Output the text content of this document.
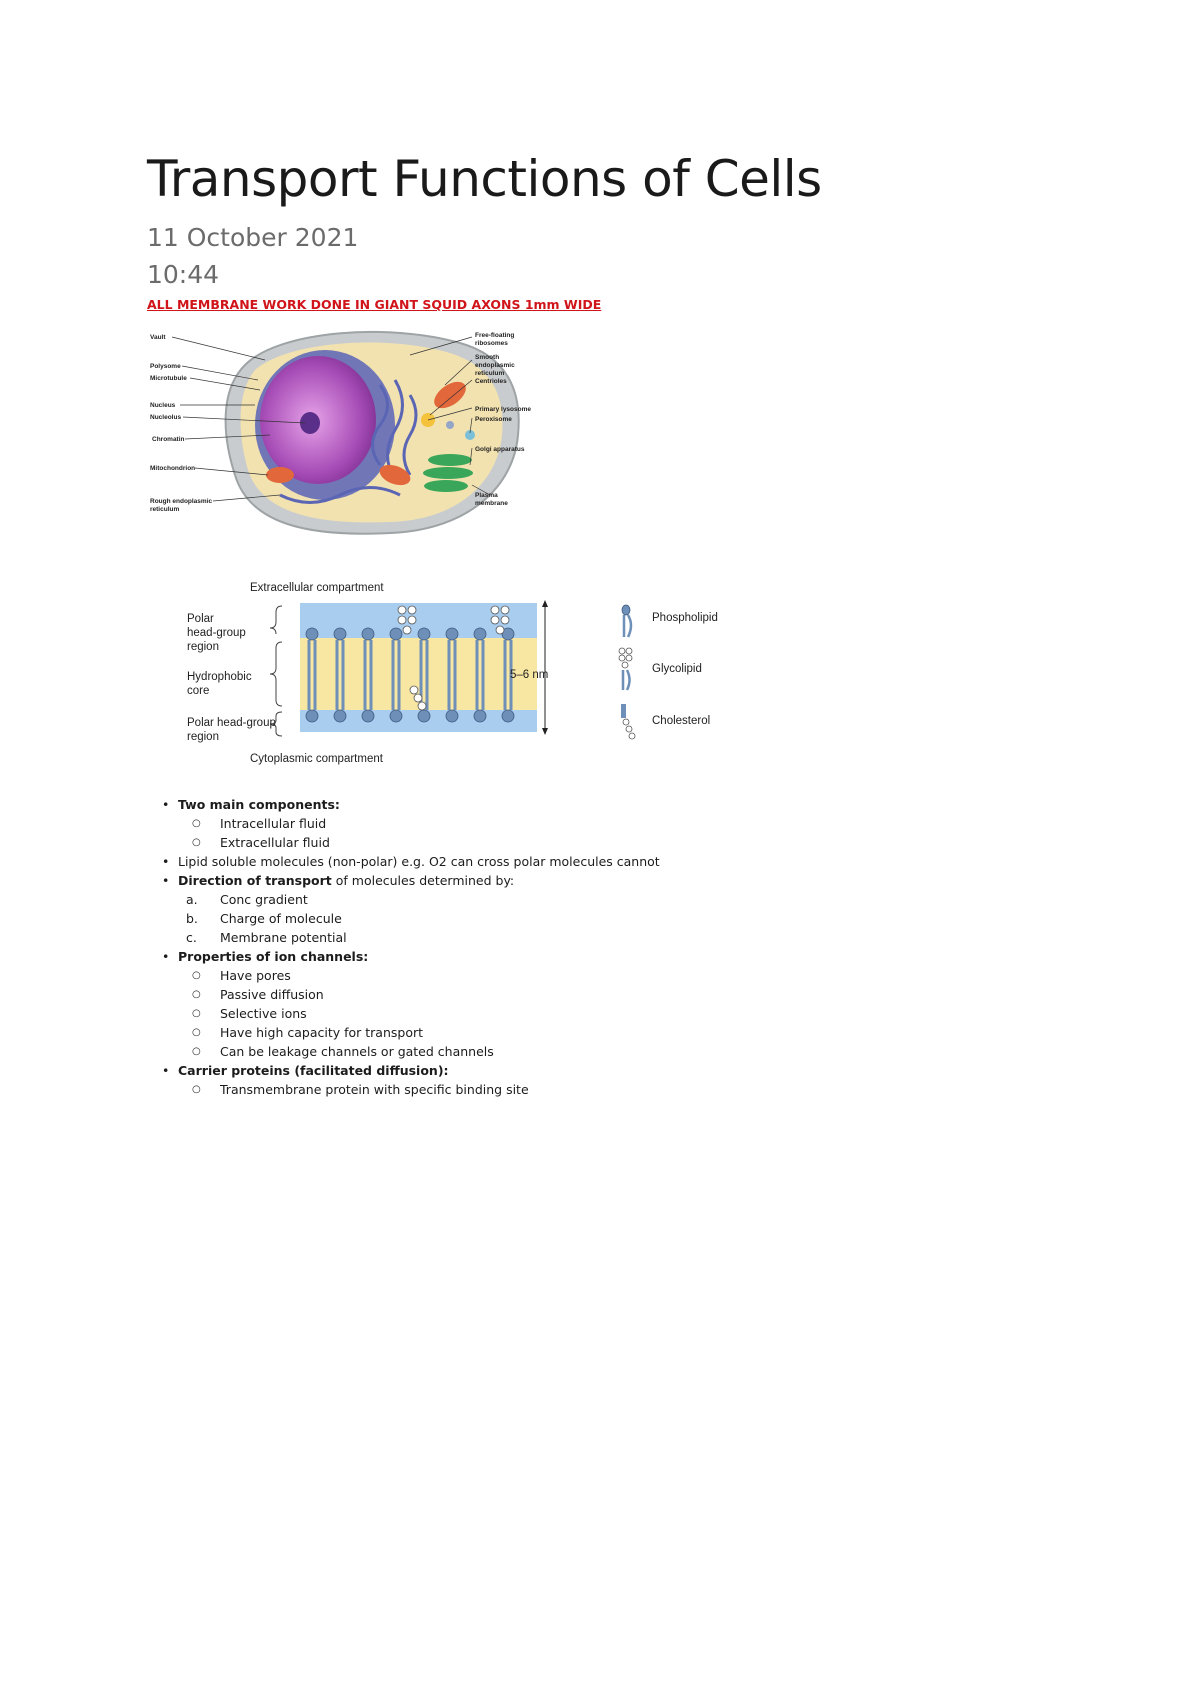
Transport Functions of Cells

11 October 2021

10:44

ALL MEMBRANE WORK DONE IN GIANT SQUID AXONS 1mm WIDE

Vault
Polysome
Microtubule
Nucleus
Nucleolus
Chromatin
Mitochondrion
Rough endoplasmic
reticulum
Free-floating
ribosomes
Smooth
endoplasmic
reticulum
Centrioles
Primary lysosome
Peroxisome
Golgi apparatus
Plasma
membrane
Extracellular compartment
Cytoplasmic compartment
Polar
head-group
region
Hydrophobic
core
Polar head-group
region
5–6 nm
Phospholipid
Glycolipid
Cholesterol
• Two main components:
○ Intracellular fluid
○ Extracellular fluid
• Lipid soluble molecules (non-polar) e.g. O2 can cross polar molecules cannot
• Direction of transport of molecules determined by:
a. Conc gradient
b. Charge of molecule
c. Membrane potential
• Properties of ion channels:
○ Have pores
○ Passive diffusion
○ Selective ions
○ Have high capacity for transport
○ Can be leakage channels or gated channels
• Carrier proteins (facilitated diffusion):
○ Transmembrane protein with specific binding site
